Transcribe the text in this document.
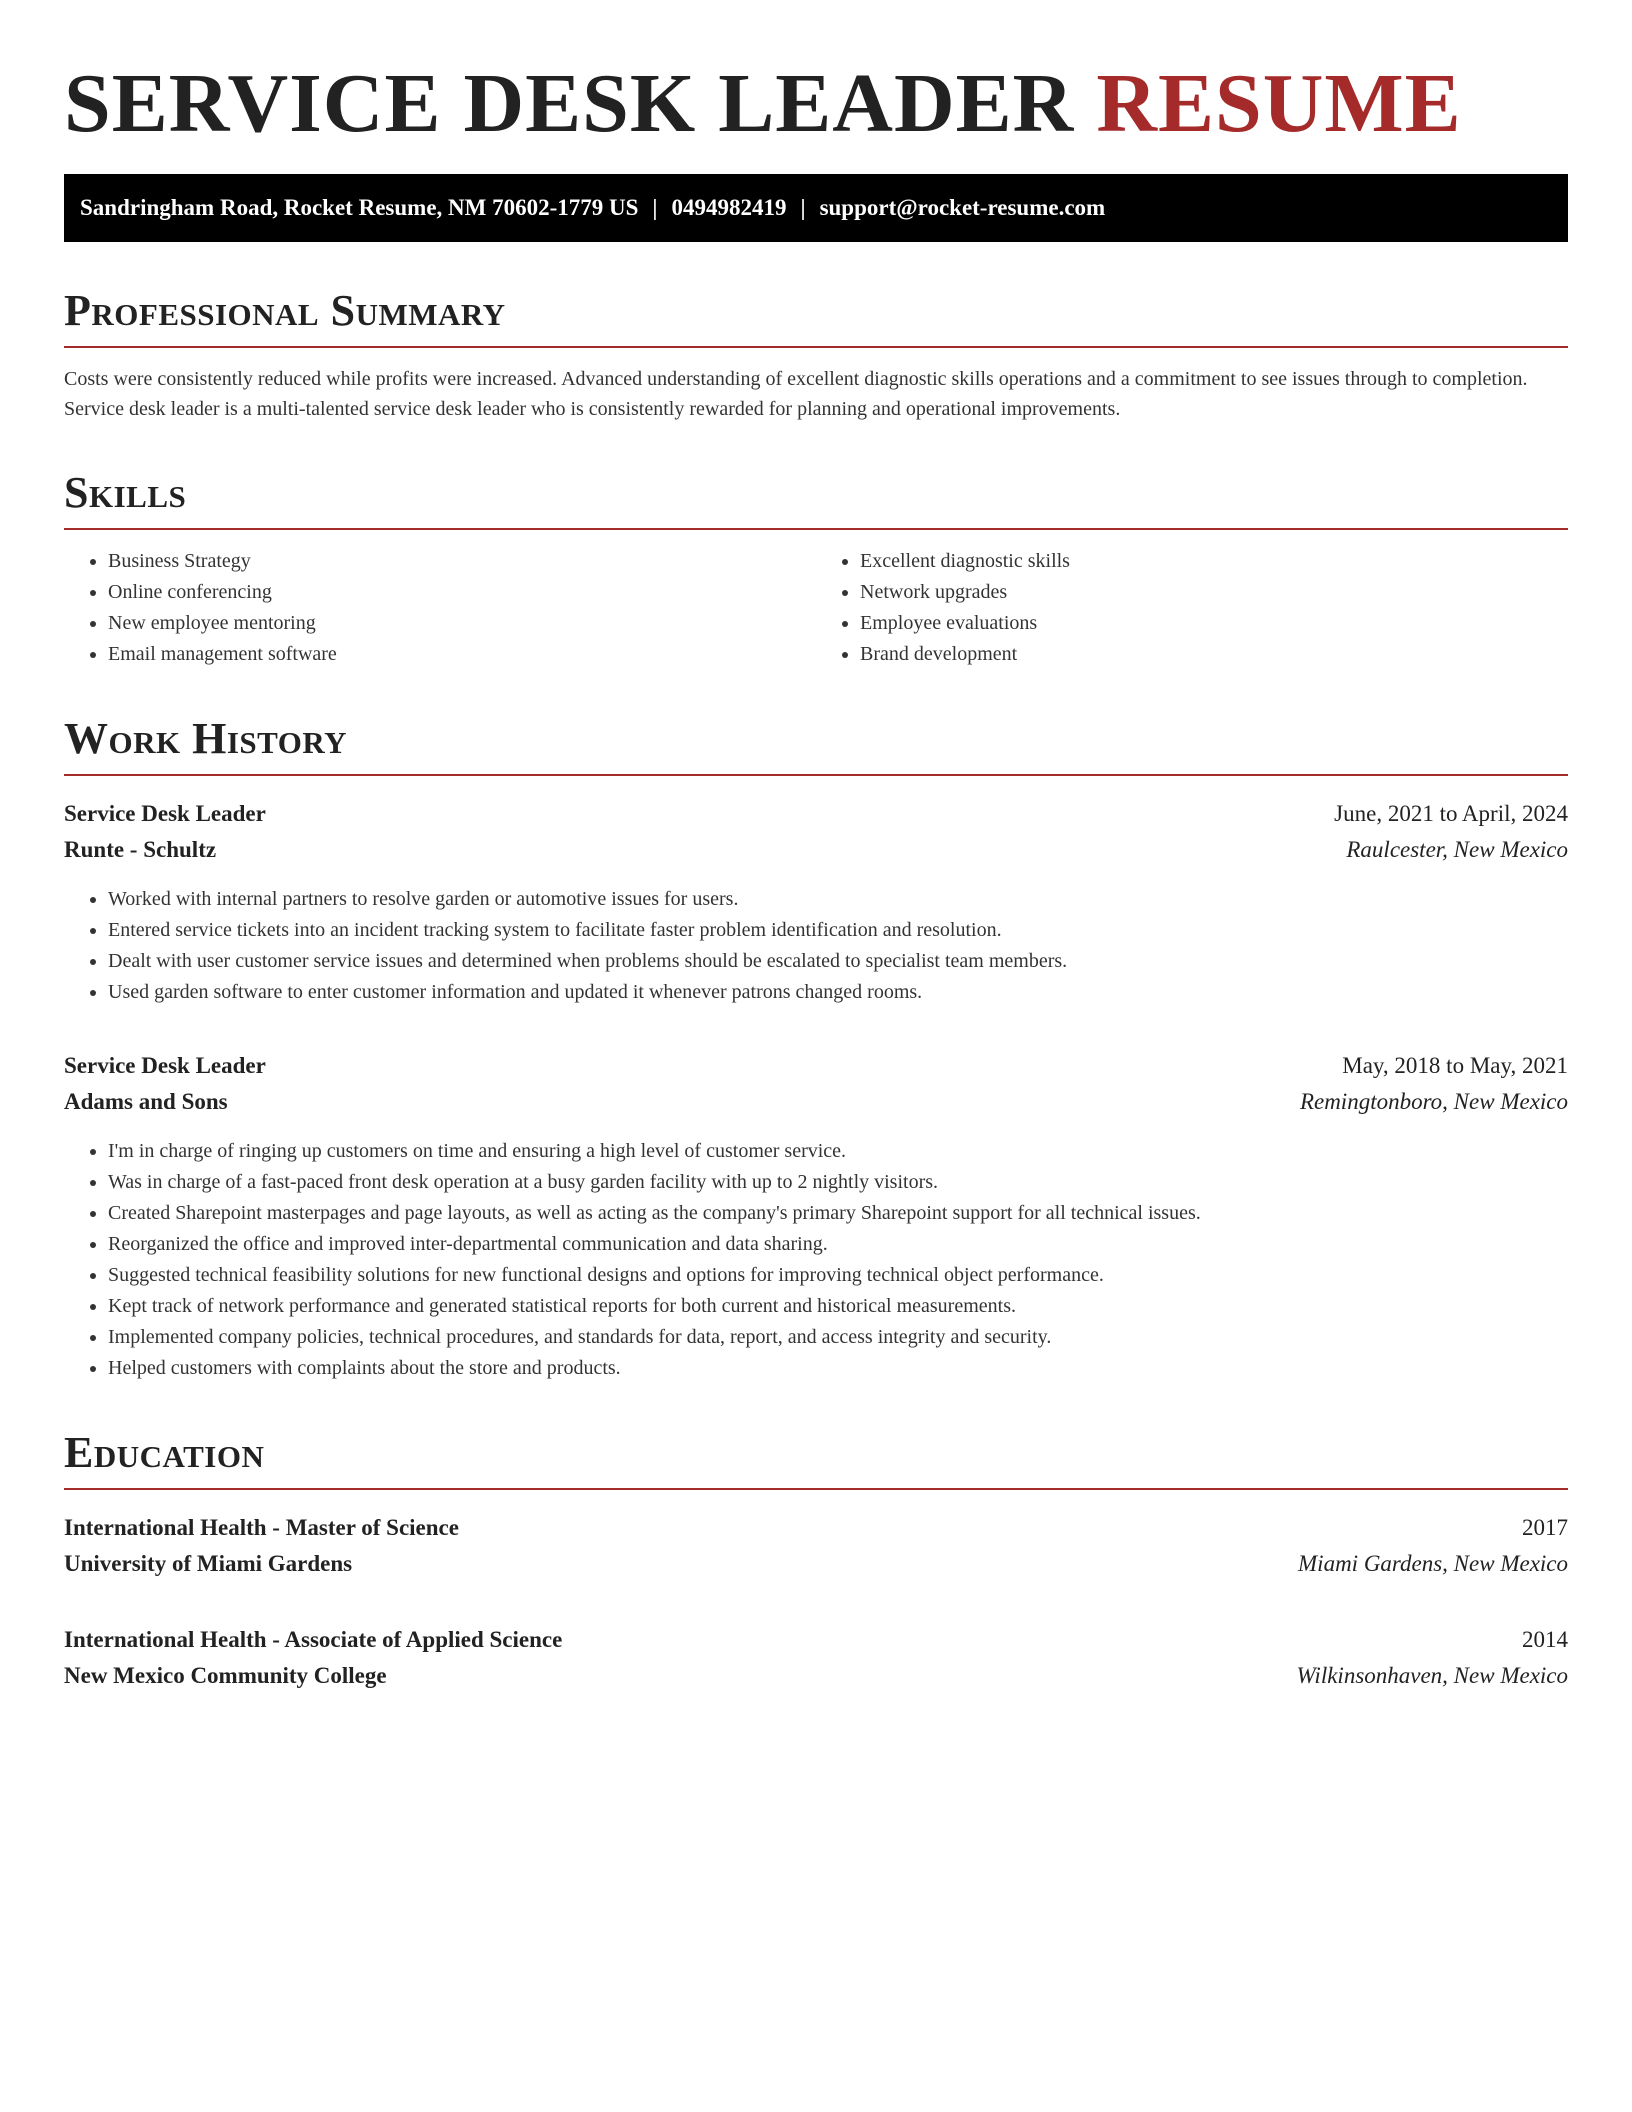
SERVICE DESK LEADER RESUME
Sandringham Road, Rocket Resume, NM 70602-1779 US | 0494982419 | support@rocket-resume.com
Professional Summary

Costs were consistently reduced while profits were increased. Advanced understanding of excellent diagnostic skills operations and a commitment to see issues through to completion. Service desk leader is a multi-talented service desk leader who is consistently rewarded for planning and operational improvements.

Skills
• Business Strategy
• Online conferencing
• New employee mentoring
• Email management software
• Excellent diagnostic skills
• Network upgrades
• Employee evaluations
• Brand development
Work History
Service Desk Leader	June, 2021 to April, 2024
Runte - Schultz	Raulcester, New Mexico
• Worked with internal partners to resolve garden or automotive issues for users.
• Entered service tickets into an incident tracking system to facilitate faster problem identification and resolution.
• Dealt with user customer service issues and determined when problems should be escalated to specialist team members.
• Used garden software to enter customer information and updated it whenever patrons changed rooms.
Service Desk Leader	May, 2018 to May, 2021
Adams and Sons	Remingtonboro, New Mexico
• I'm in charge of ringing up customers on time and ensuring a high level of customer service.
• Was in charge of a fast-paced front desk operation at a busy garden facility with up to 2 nightly visitors.
• Created Sharepoint masterpages and page layouts, as well as acting as the company's primary Sharepoint support for all technical issues.
• Reorganized the office and improved inter-departmental communication and data sharing.
• Suggested technical feasibility solutions for new functional designs and options for improving technical object performance.
• Kept track of network performance and generated statistical reports for both current and historical measurements.
• Implemented company policies, technical procedures, and standards for data, report, and access integrity and security.
• Helped customers with complaints about the store and products.
Education
International Health - Master of Science	2017
University of Miami Gardens	Miami Gardens, New Mexico
International Health - Associate of Applied Science	2014
New Mexico Community College	Wilkinsonhaven, New Mexico
